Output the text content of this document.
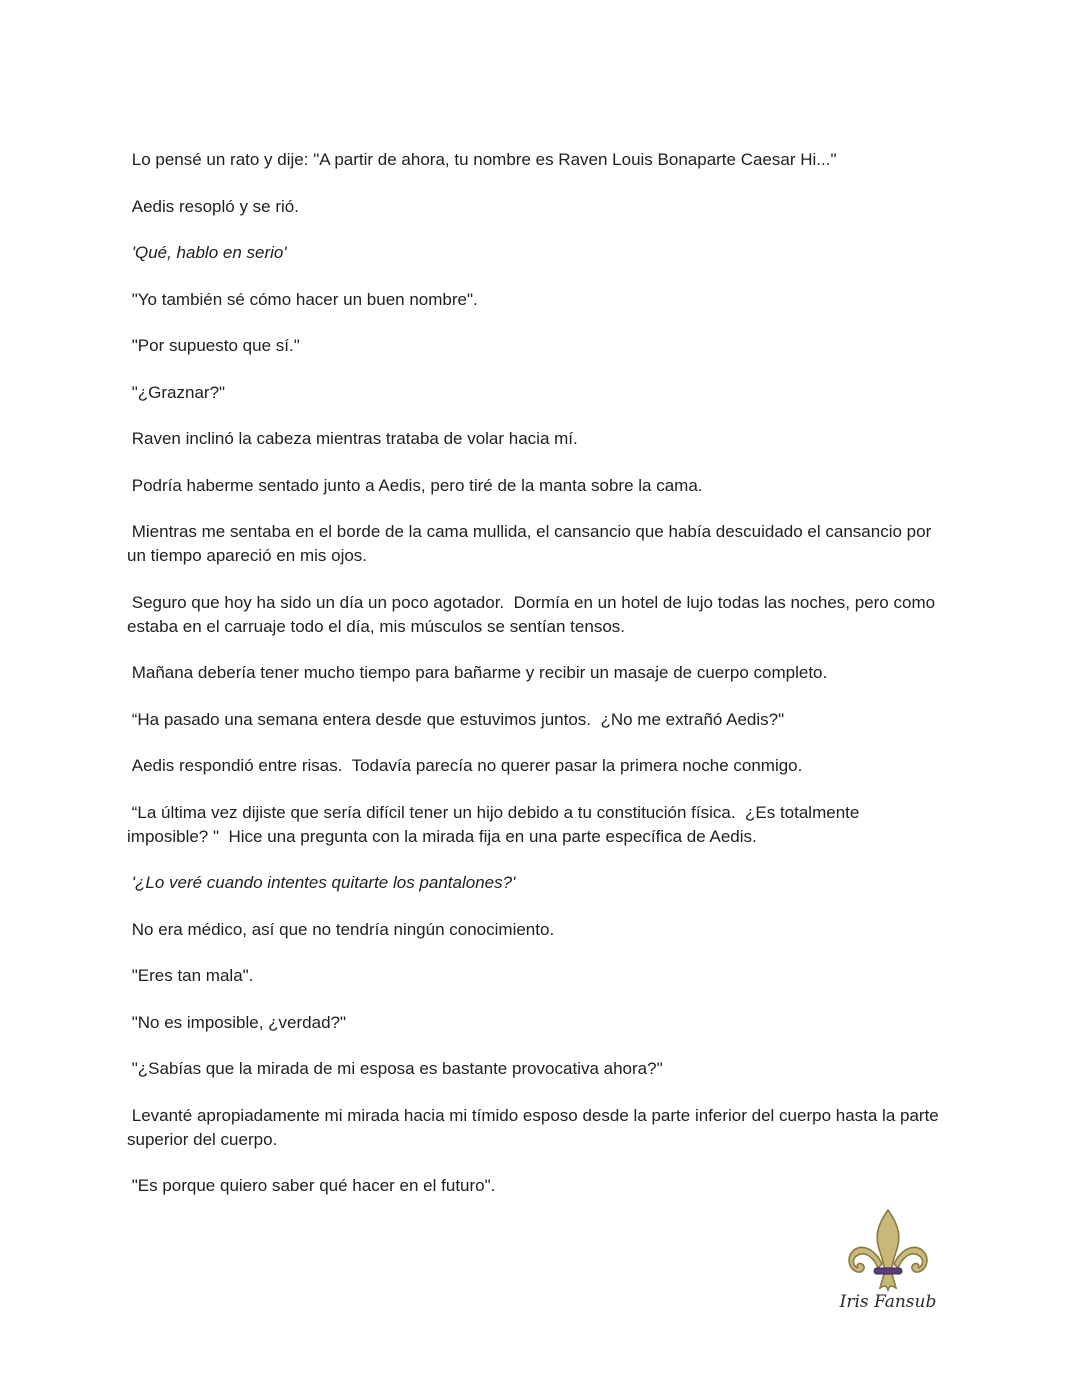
Lo pensé un rato y dije: "A partir de ahora, tu nombre es Raven Louis Bonaparte Caesar Hi..."

Aedis resopló y se rió.

'Qué, hablo en serio'

"Yo también sé cómo hacer un buen nombre".

"Por supuesto que sí."

"¿Graznar?"

Raven inclinó la cabeza mientras trataba de volar hacia mí.

Podría haberme sentado junto a Aedis, pero tiré de la manta sobre la cama.

Mientras me sentaba en el borde de la cama mullida, el cansancio que había descuidado el cansancio por un tiempo apareció en mis ojos.

Seguro que hoy ha sido un día un poco agotador.  Dormía en un hotel de lujo todas las noches, pero como estaba en el carruaje todo el día, mis músculos se sentían tensos.

Mañana debería tener mucho tiempo para bañarme y recibir un masaje de cuerpo completo.

“Ha pasado una semana entera desde que estuvimos juntos.  ¿No me extrañó Aedis?"

Aedis respondió entre risas.  Todavía parecía no querer pasar la primera noche conmigo.

“La última vez dijiste que sería difícil tener un hijo debido a tu constitución física.  ¿Es totalmente imposible? "  Hice una pregunta con la mirada fija en una parte específica de Aedis.

'¿Lo veré cuando intentes quitarte los pantalones?'

No era médico, así que no tendría ningún conocimiento.

"Eres tan mala".

"No es imposible, ¿verdad?"

"¿Sabías que la mirada de mi esposa es bastante provocativa ahora?"

Levanté apropiadamente mi mirada hacia mi tímido esposo desde la parte inferior del cuerpo hasta la parte superior del cuerpo.

"Es porque quiero saber qué hacer en el futuro".

Iris Fansub
